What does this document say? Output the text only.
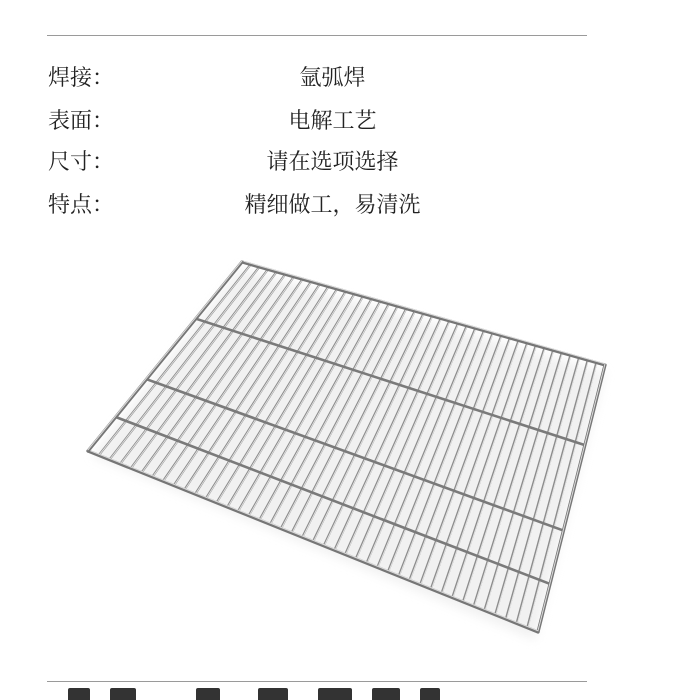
焊接：	氩弧焊
表面：	电解工艺
尺寸：	请在选项选择
特点：	精细做工，易清洗
